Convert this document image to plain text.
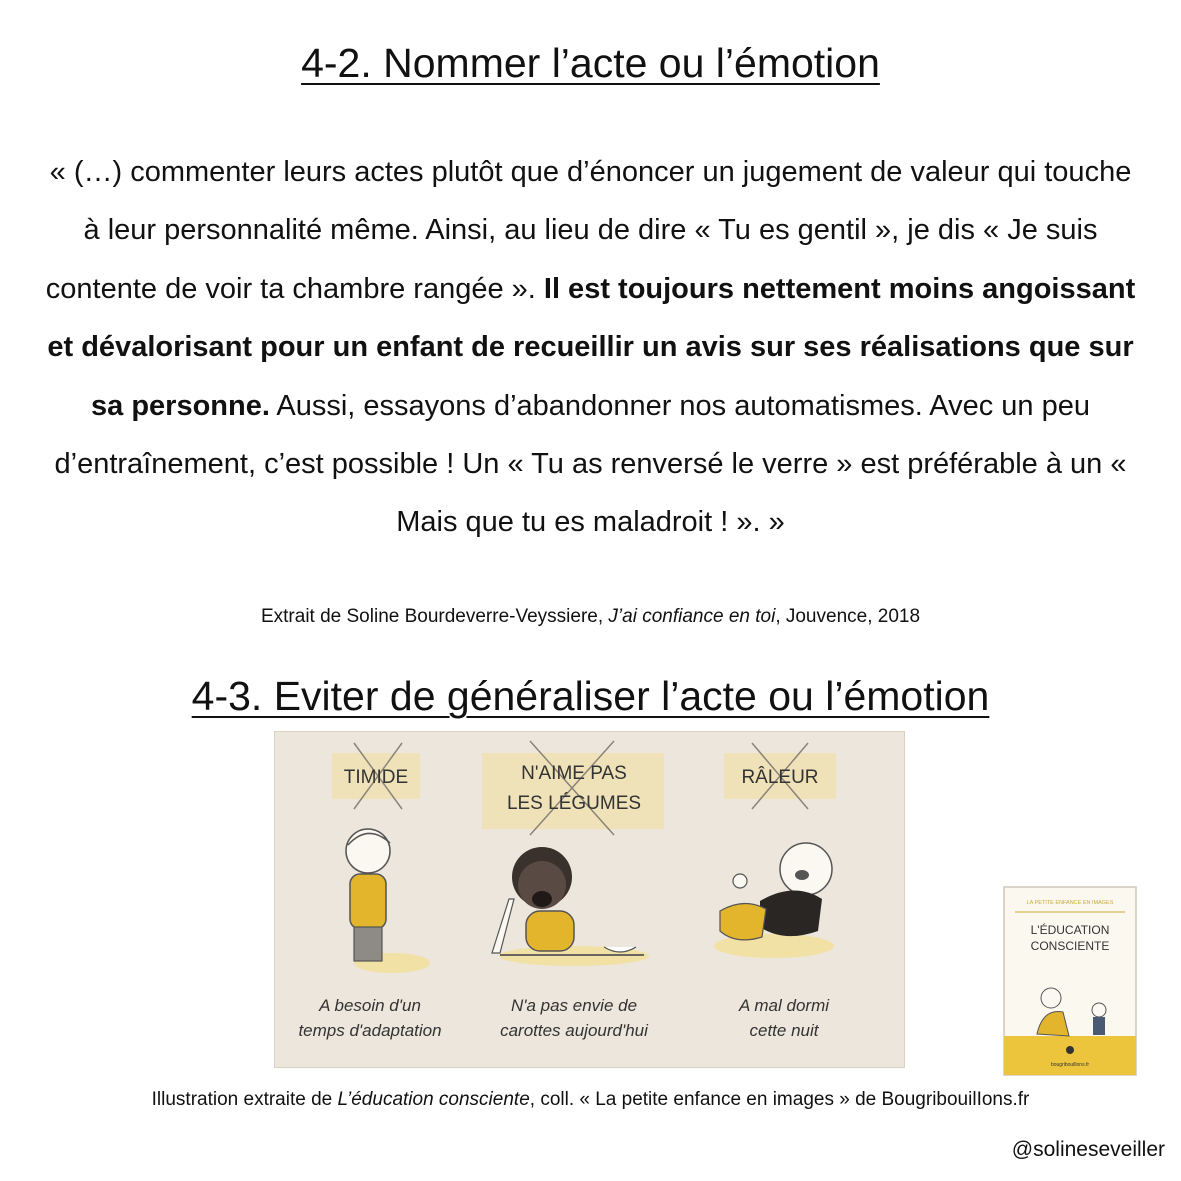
4-2. Nommer l’acte ou l’émotion
« (…) commenter leurs actes plutôt que d’énoncer un jugement de valeur qui touche à leur personnalité même. Ainsi, au lieu de dire « Tu es gentil », je dis « Je suis contente de voir ta chambre rangée ». Il est toujours nettement moins angoissant et dévalorisant pour un enfant de recueillir un avis sur ses réalisations que sur sa personne. Aussi, essayons d’abandonner nos automatismes. Avec un peu d’entraînement, c’est possible ! Un « Tu as renversé le verre » est préférable à un « Mais que tu es maladroit ! ». »
Extrait de Soline Bourdeverre-Veyssiere, J’ai confiance en toi, Jouvence, 2018
4-3. Eviter de généraliser l’acte ou l’émotion
TIMIDE
A besoin d'un
temps d'adaptation
N'AIME PAS
LES LÉGUMES
N'a pas envie de
carottes aujourd'hui
RÂLEUR
A mal dormi
cette nuit
LA PETITE ENFANCE EN IMAGES
L'ÉDUCATION
CONSCIENTE
bougribouillons.fr
Illustration extraite de L’éducation consciente, coll. « La petite enfance en images » de BougribouilIons.fr
@solineseveiller
